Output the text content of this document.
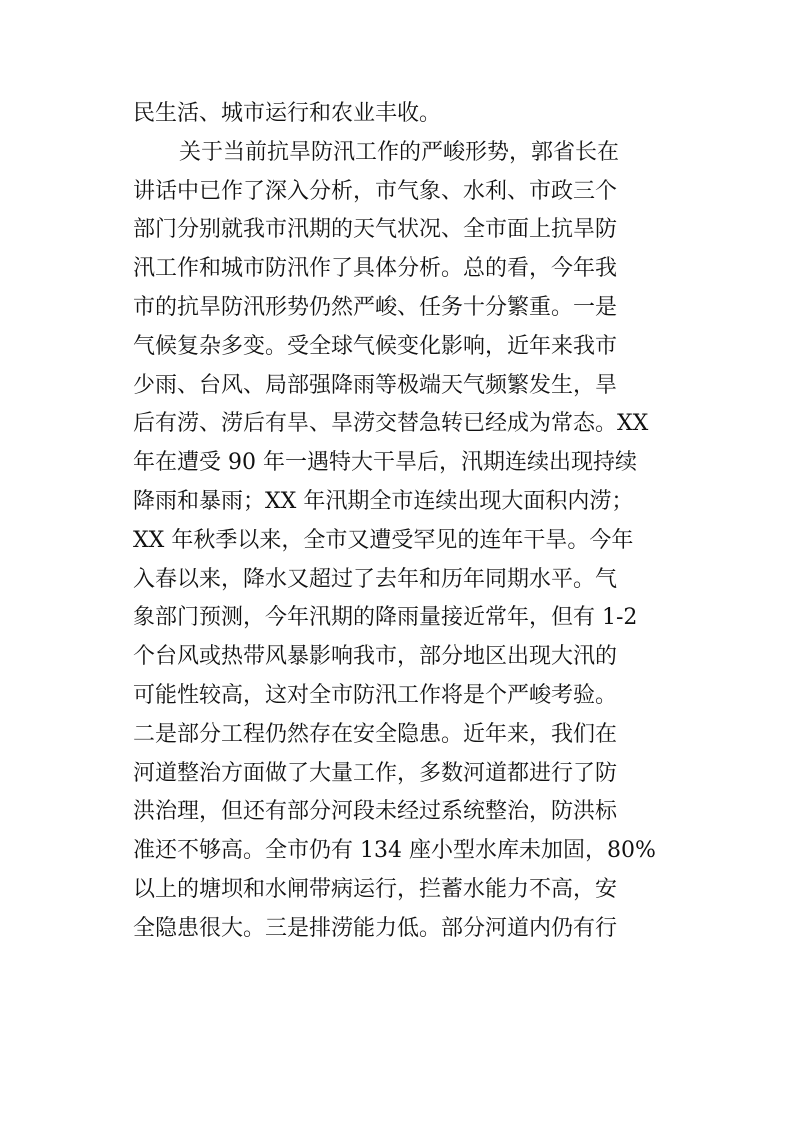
民生活、城市运行和农业丰收。
关于当前抗旱防汛工作的严峻形势，郭省长在
讲话中已作了深入分析，市气象、水利、市政三个
部门分别就我市汛期的天气状况、全市面上抗旱防
汛工作和城市防汛作了具体分析。总的看，今年我
市的抗旱防汛形势仍然严峻、任务十分繁重。一是
气候复杂多变。受全球气候变化影响，近年来我市
少雨、台风、局部强降雨等极端天气频繁发生，旱
后有涝、涝后有旱、旱涝交替急转已经成为常态。XX
年在遭受 90 年一遇特大干旱后，汛期连续出现持续
降雨和暴雨；XX 年汛期全市连续出现大面积内涝；
XX 年秋季以来，全市又遭受罕见的连年干旱。今年
入春以来，降水又超过了去年和历年同期水平。气
象部门预测，今年汛期的降雨量接近常年，但有 1-2
个台风或热带风暴影响我市，部分地区出现大汛的
可能性较高，这对全市防汛工作将是个严峻考验。
二是部分工程仍然存在安全隐患。近年来，我们在
河道整治方面做了大量工作，多数河道都进行了防
洪治理，但还有部分河段未经过系统整治，防洪标
准还不够高。全市仍有 134 座小型水库未加固，80%
以上的塘坝和水闸带病运行，拦蓄水能力不高，安
全隐患很大。三是排涝能力低。部分河道内仍有行
